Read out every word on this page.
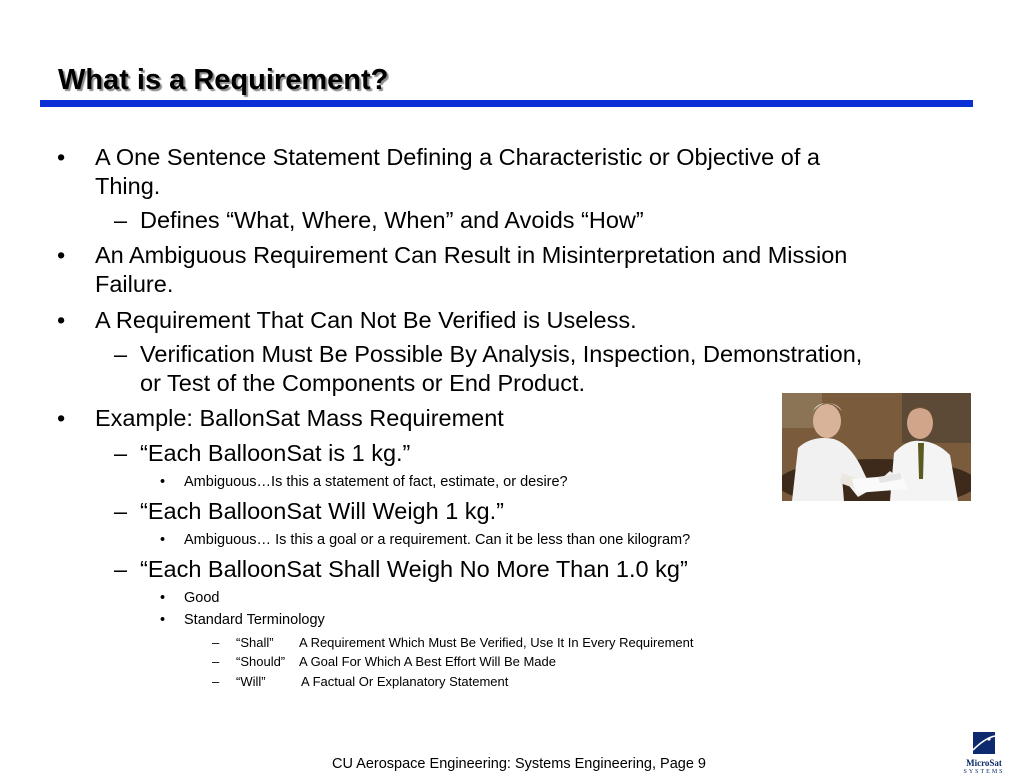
What is a Requirement?
• A One Sentence Statement Defining a Characteristic or Objective of a
Thing.
– Defines “What, Where, When” and Avoids “How”
• An Ambiguous Requirement Can Result in Misinterpretation and Mission
Failure.
• A Requirement That Can Not Be Verified is Useless.
– Verification Must Be Possible By Analysis, Inspection, Demonstration,
or Test of the Components or End Product.
• Example: BallonSat Mass Requirement
– “Each BalloonSat is 1 kg.”
• Ambiguous…Is this a statement of fact, estimate, or desire?
– “Each BalloonSat Will Weigh 1 kg.”
• Ambiguous… Is this a goal or a requirement. Can it be less than one kilogram?
– “Each BalloonSat Shall Weigh No More Than 1.0 kg”
• Good
• Standard Terminology
– “Shall” A Requirement Which Must Be Verified, Use It In Every Requirement
– “Should” A Goal For Which A Best Effort Will Be Made
– “Will”	A Factual Or Explanatory Statement
CU Aerospace Engineering: Systems Engineering, Page 9	MicroSat
SYSTEMS
